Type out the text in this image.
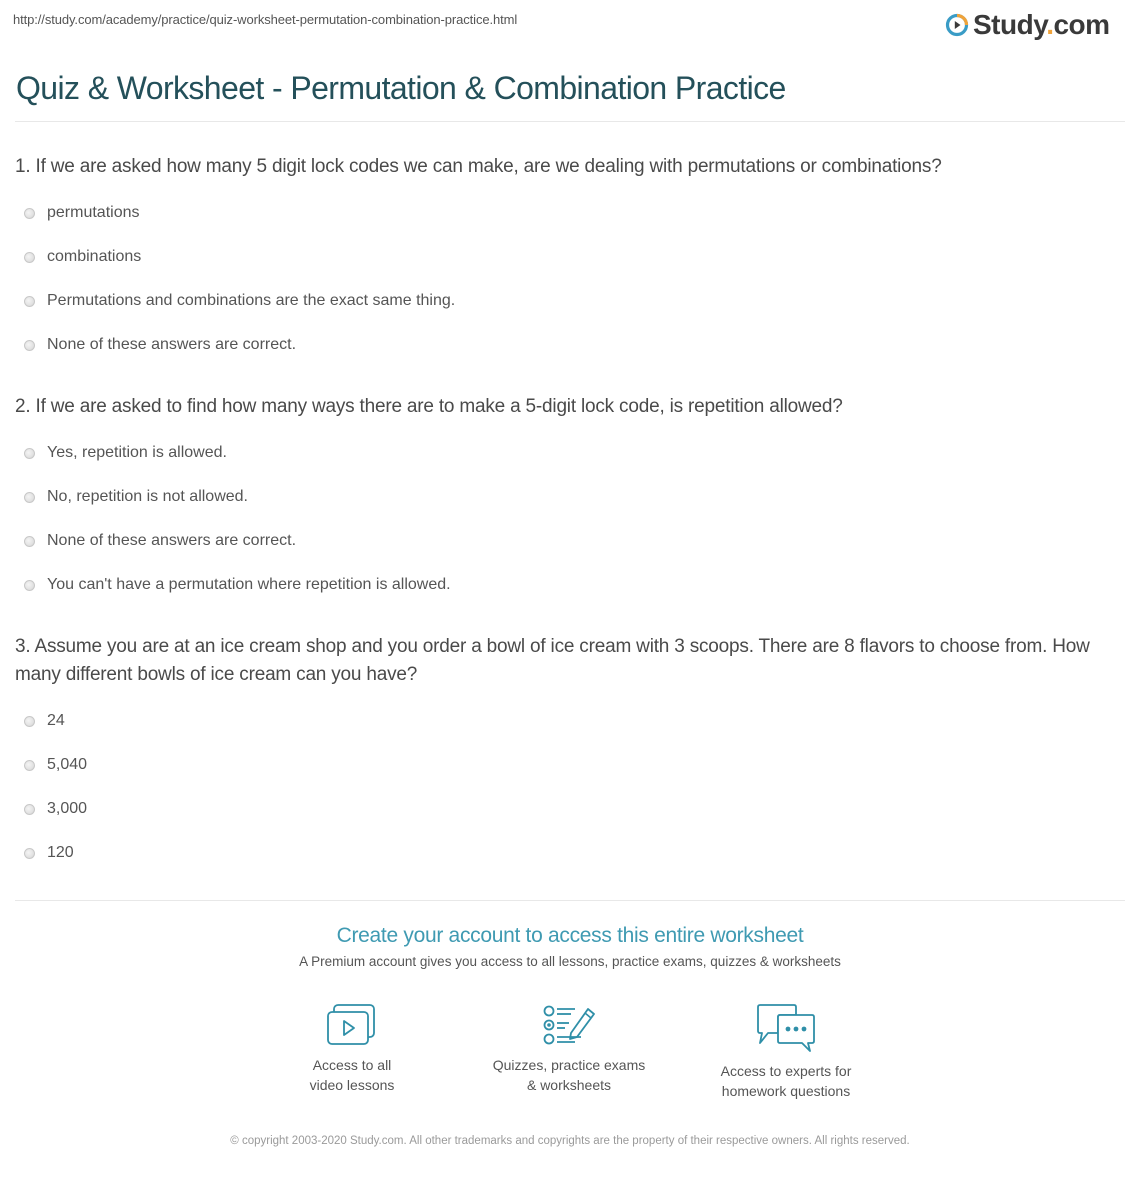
http://study.com/academy/practice/quiz-worksheet-permutation-combination-practice.html	Study.com
Quiz & Worksheet - Permutation & Combination Practice
1. If we are asked how many 5 digit lock codes we can make, are we dealing with permutations or combinations?
permutations
combinations
Permutations and combinations are the exact same thing.
None of these answers are correct.
2. If we are asked to find how many ways there are to make a 5-digit lock code, is repetition allowed?
Yes, repetition is allowed.
No, repetition is not allowed.
None of these answers are correct.
You can't have a permutation where repetition is allowed.
3. Assume you are at an ice cream shop and you order a bowl of ice cream with 3 scoops. There are 8 flavors to choose from. How many different bowls of ice cream can you have?
24
5,040
3,000
120
Create your account to access this entire worksheet
A Premium account gives you access to all lessons, practice exams, quizzes & worksheets
Access to all
video lessons
Quizzes, practice exams
& worksheets
Access to experts for
homework questions
© copyright 2003-2020 Study.com. All other trademarks and copyrights are the property of their respective owners. All rights reserved.
